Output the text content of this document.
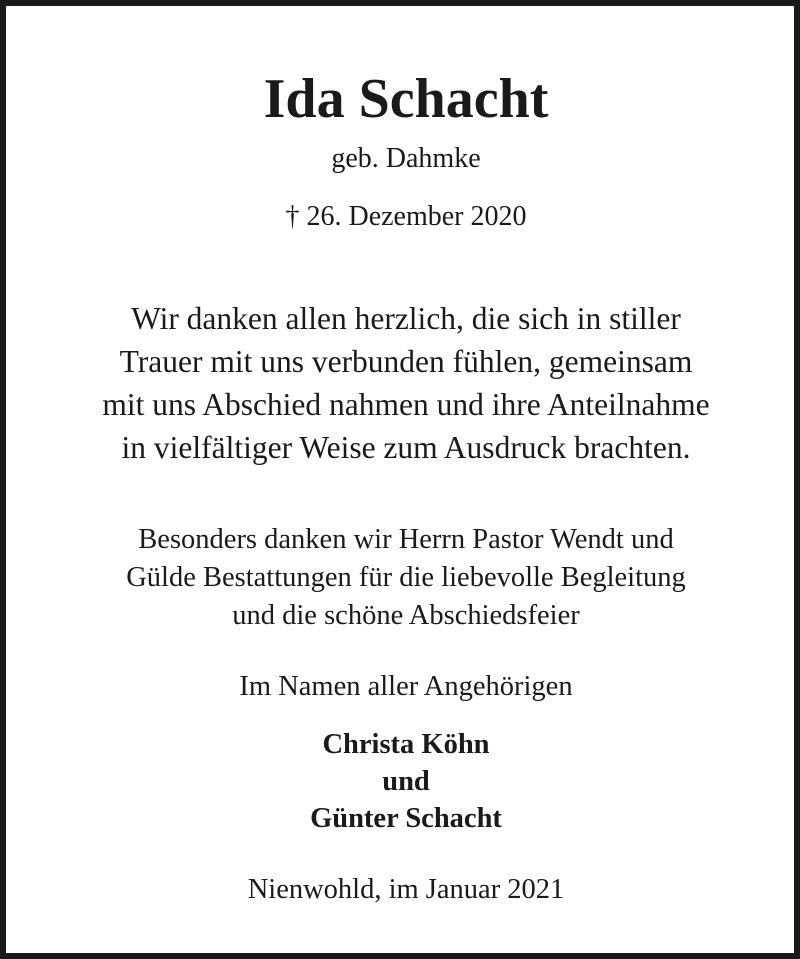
Ida Schacht
geb. Dahmke
† 26. Dezember 2020
Wir danken allen herzlich, die sich in stiller
Trauer mit uns verbunden fühlen, gemeinsam
mit uns Abschied nahmen und ihre Anteilnahme
in vielfältiger Weise zum Ausdruck brachten.
Besonders danken wir Herrn Pastor Wendt und
Gülde Bestattungen für die liebevolle Begleitung
und die schöne Abschiedsfeier
Im Namen aller Angehörigen
Christa Köhn
und
Günter Schacht
Nienwohld, im Januar 2021
